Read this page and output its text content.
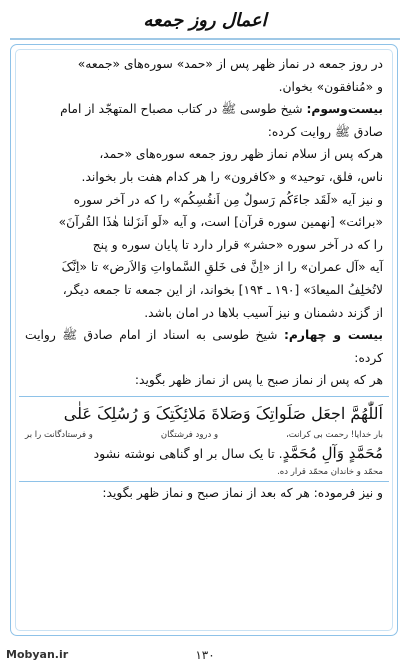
اعمال روز جمعه

در روز جمعه در نماز ظهر پس از «حمد» سوره‌های «جمعه»

و «مُنافقون» بخوان.

بیست‌وسوم: شیخ طوسی ﷺ در کتاب مصباح المتهجّد از امام

صادق ﷺ روایت کرده:

هرکه پس از سلام نماز ظهر روز جمعه سوره‌های «حمد،

ناس، فلق، توحید» و «کافرون» را هر کدام هفت بار بخواند.

و نیز آیه «لَقَد جاءَکُم رَسولٌ مِن اَنفُسِکُم» را که در آخر سوره

«برائت» [نهمین سوره قرآن] است، و آیه «لَو اَنزَلنا هٰذَا القُرآنَ»

را که در آخر سوره «حشر» قرار دارد تا پایان سوره و پنج

آیه «آل عمران» را از «اِنَّ فی خَلقِ السَّماواتِ وَالاَرض» تا «اِنَّکَ

لاتُخلِفُ المیعادَ» [۱۹۰ ـ ۱۹۴] بخواند، از این جمعه تا جمعه دیگر،

از گزند دشمنان و نیز آسیب بلاها در امان باشد.

بیست و چهارم: شیخ طوسی به اسناد از امام صادق ﷺ روایت کرده:

هر که پس از نماز صبح یا پس از نماز ظهر بگوید:

اَللّٰهُمَّ اجعَل صَلَواتِکَ وَصَلاةَ مَلائِکَتِکَ وَ رُسُلِکَ عَلٰی
بار خدایا! رحمت بی کرانت،
و درود فرشتگان
و فرستادگانت را بر
مُحَمَّدٍ وَآلِ مُحَمَّدٍ. تا یک سال بر او گناهی نوشته نشود
محمّد و خاندان محمّد قرار ده.

و نیز فرموده: هر که بعد از نماز صبح و نماز ظهر بگوید:

Mobyan.ir	۱۳۰
